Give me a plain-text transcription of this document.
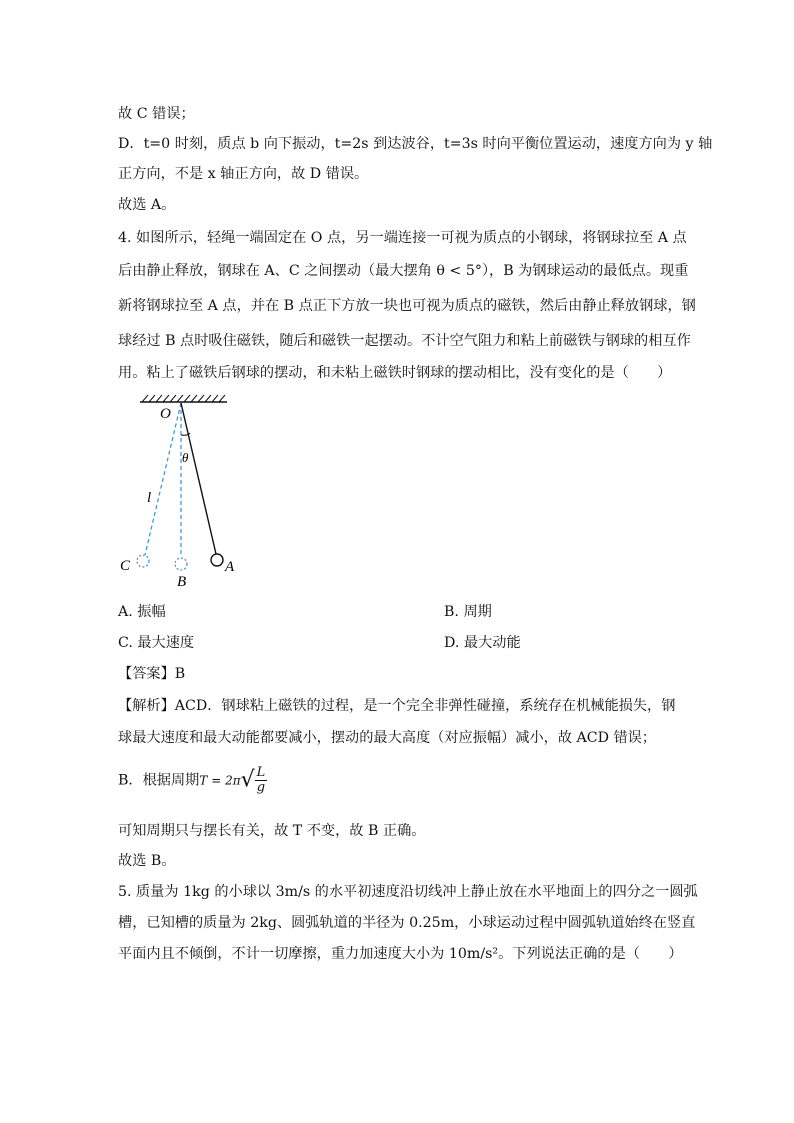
故 C 错误；
D．t=0 时刻，质点 b 向下振动，t=2s 到达波谷，t=3s 时向平衡位置运动，速度方向为 y 轴
正方向，不是 x 轴正方向，故 D 错误。
故选 A。
4. 如图所示，轻绳一端固定在 O 点，另一端连接一可视为质点的小钢球，将钢球拉至 A 点
后由静止释放，钢球在 A、C 之间摆动（最大摆角 θ < 5°），B 为钢球运动的最低点。现重
新将钢球拉至 A 点，并在 B 点正下方放一块也可视为质点的磁铁，然后由静止释放钢球，钢
球经过 B 点时吸住磁铁，随后和磁铁一起摆动。不计空气阻力和粘上前磁铁与钢球的相互作
用。粘上了磁铁后钢球的摆动，和未粘上磁铁时钢球的摆动相比，没有变化的是（　　）
O
θ
l
C
B
A
A. 振幅	B. 周期
C. 最大速度	D. 最大动能
【答案】B
【解析】ACD．钢球粘上磁铁的过程，是一个完全非弹性碰撞，系统存在机械能损失，钢
球最大速度和最大动能都要减小，摆动的最大高度（对应振幅）减小，故 ACD 错误；
B．根据周期$T = 2\pi√ \frac{L}{g}$
可知周期只与摆长有关，故 T 不变，故 B 正确。
故选 B。
5. 质量为 1kg 的小球以 3m/s 的水平初速度沿切线冲上静止放在水平地面上的四分之一圆弧
槽，已知槽的质量为 2kg、圆弧轨道的半径为 0.25m，小球运动过程中圆弧轨道始终在竖直
平面内且不倾倒，不计一切摩擦，重力加速度大小为 10m/s²。下列说法正确的是（　　）
